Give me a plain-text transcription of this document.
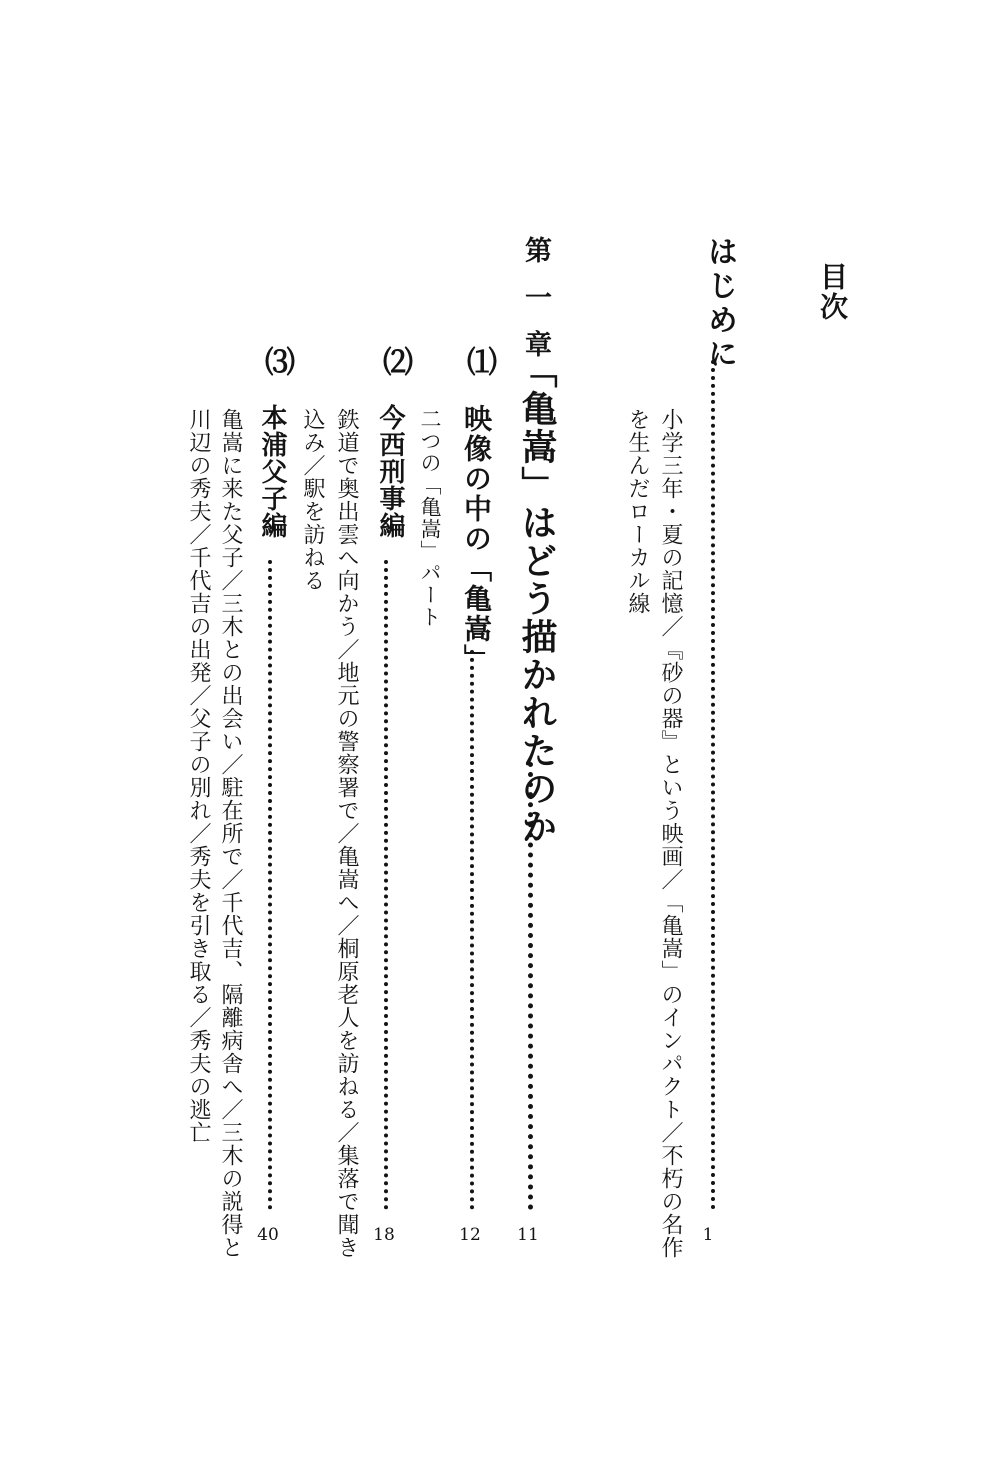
目次
はじめに
1
小学三年・夏の記憶／『砂の器』という映画／「亀嵩」のインパクト／不朽の名作
を生んだローカル線
第一章
「亀嵩」はどう描かれたのか
11
⑴
映像の中の「亀嵩」
12
二つの「亀嵩」パート
⑵
今西刑事編
18
鉄道で奥出雲へ向かう／地元の警察署で／亀嵩へ／桐原老人を訪ねる／集落で聞き
込み／駅を訪ねる
⑶
本浦父子編
40
亀嵩に来た父子／三木との出会い／駐在所で／千代吉、隔離病舎へ／三木の説得と
川辺の秀夫／千代吉の出発／父子の別れ／秀夫を引き取る／秀夫の逃亡
